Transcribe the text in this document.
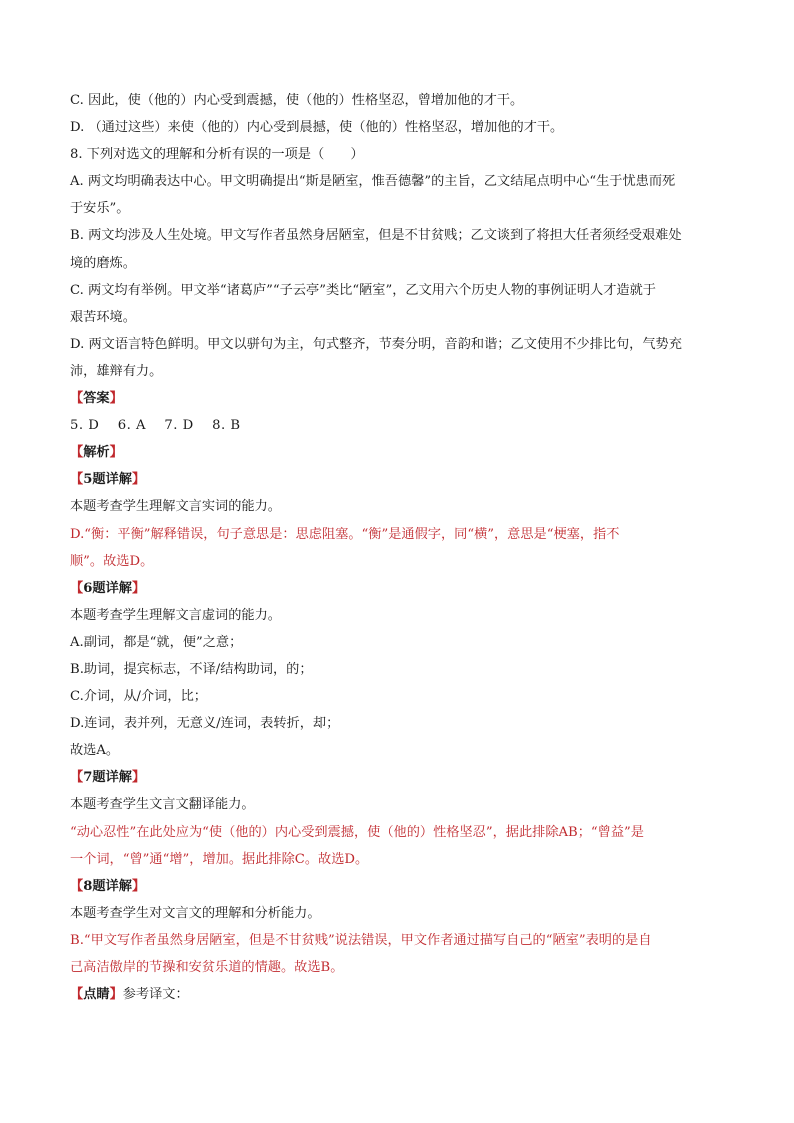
C. 因此，使（他的）内心受到震撼，使（他的）性格坚忍，曾增加他的才干。
D. （通过这些）来使（他的）内心受到晨撼，使（他的）性格坚忍，增加他的才干。
8. 下列对选文的理解和分析有误的一项是（　　）
A. 两文均明确表达中心。甲文明确提出“斯是陋室，惟吾德馨”的主旨，乙文结尾点明中心“生于忧患而死
于安乐”。
B. 两文均涉及人生处境。甲文写作者虽然身居陋室，但是不甘贫贱；乙文谈到了将担大任者须经受艰难处
境的磨炼。
C. 两文均有举例。甲文举“诸葛庐”“子云亭”类比“陋室”，乙文用六个历史人物的事例证明人才造就于
艰苦环境。
D. 两文语言特色鲜明。甲文以骈句为主，句式整齐，节奏分明，音韵和谐；乙文使用不少排比句，气势充
沛，雄辩有力。
【答案】
5. D　 6. A　 7. D　 8. B
【解析】
【5题详解】
本题考查学生理解文言实词的能力。
D.“衡：平衡”解释错误，句子意思是：思虑阻塞。“衡”是通假字，同“横”，意思是“梗塞，指不
顺”。故选D。
【6题详解】
本题考查学生理解文言虚词的能力。
A.副词，都是“就，便”之意；
B.助词，提宾标志，不译/结构助词，的；
C.介词，从/介词，比；
D.连词，表并列，无意义/连词，表转折，却；
故选A。
【7题详解】
本题考查学生文言文翻译能力。
“动心忍性”在此处应为“使（他的）内心受到震撼，使（他的）性格坚忍”，据此排除AB；“曾益”是
一个词，“曾”通“增”，增加。据此排除C。故选D。
【8题详解】
本题考查学生对文言文的理解和分析能力。
B.“甲文写作者虽然身居陋室，但是不甘贫贱”说法错误，甲文作者通过描写自己的“陋室”表明的是自
己高洁傲岸的节操和安贫乐道的情趣。故选B。
【点睛】参考译文：
